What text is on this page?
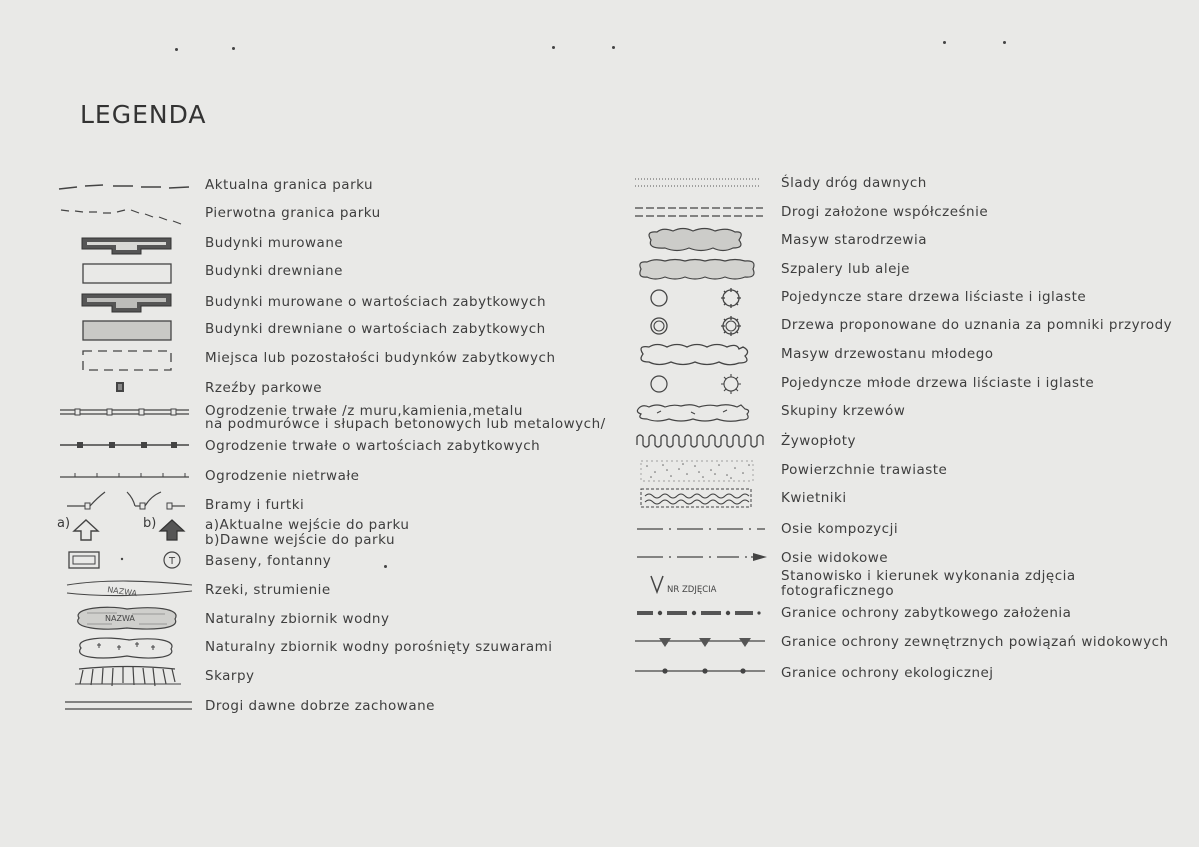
LEGENDA
Aktualna granica parku
Pierwotna granica parku
Budynki murowane
Budynki drewniane
Budynki murowane o wartościach zabytkowych
Budynki drewniane o wartościach zabytkowych
Miejsca lub pozostałości budynków zabytkowych
Rzeźby parkowe
Ogrodzenie trwałe /z muru,kamienia,metalu
na podmurówce i słupach betonowych lub metalowych/
Ogrodzenie trwałe o wartościach zabytkowych
Ogrodzenie nietrwałe
Bramy i furtki
a)	b)	a)Aktualne wejście do parku
b)Dawne wejście do parku
T Baseny, fontanny
NAZWA	Rzeki, strumienie
NAZWA	Naturalny zbiornik wodny
Naturalny zbiornik wodny porośnięty szuwarami
Skarpy
Drogi dawne dobrze zachowane
Ślady dróg dawnych
Drogi założone współcześnie
Masyw starodrzewia
Szpalery lub aleje
Pojedyncze stare drzewa liściaste i iglaste
Drzewa proponowane do uznania za pomniki przyrody
Masyw drzewostanu młodego
Pojedyncze młode drzewa liściaste i iglaste
Skupiny krzewów
Żywopłoty
Powierzchnie trawiaste
Kwietniki
Osie kompozycji
Osie widokowe
NR ZDJĘCIA
Stanowisko i kierunek wykonania zdjęcia
fotograficznego
Granice ochrony zabytkowego założenia
Granice ochrony zewnętrznych powiązań widokowych
Granice ochrony ekologicznej
